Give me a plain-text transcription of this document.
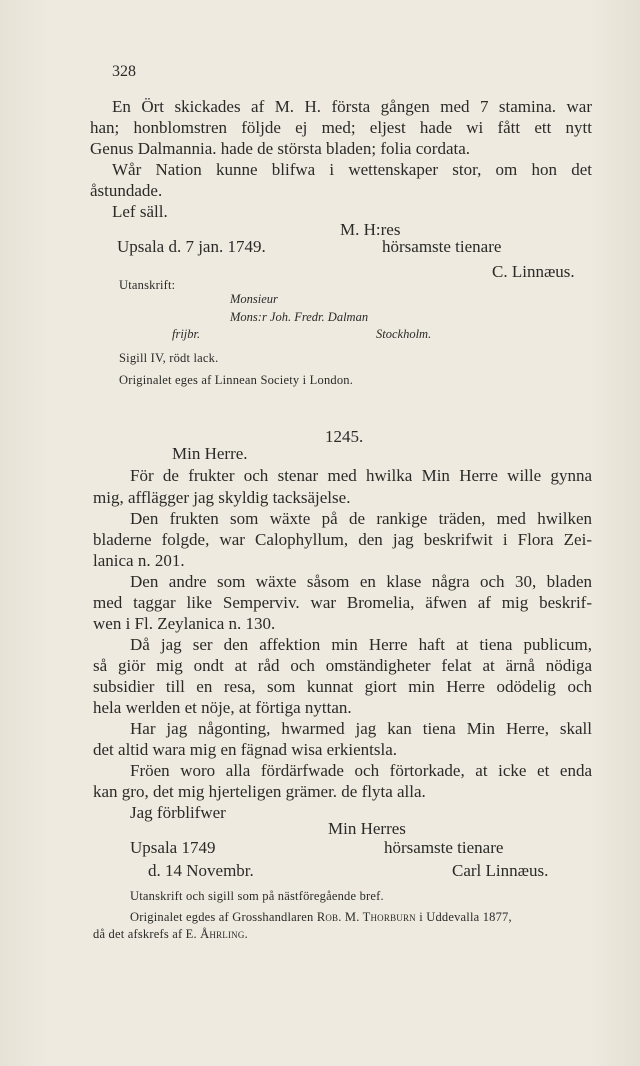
328
En Ört skickades af M. H. första gången med 7 stamina. war
han; honblomstren följde ej med; eljest hade wi fått ett nytt
Genus Dalmannia. hade de största bladen; folia cordata.
Wår Nation kunne blifwa i wettenskaper stor, om hon det
åstundade.
Lef säll.
M. H:res
Upsala d. 7 jan. 1749.	hörsamste tienare
C. Linnæus.
Utanskrift:
Monsieur
Mons:r Joh. Fredr. Dalman
frijbr.	Stockholm.
Sigill IV, rödt lack.
Originalet eges af Linnean Society i London.
1245.
Min Herre.
För de frukter och stenar med hwilka Min Herre wille gynna
mig, afflägger jag skyldig tacksäjelse.
Den frukten som wäxte på de rankige träden, med hwilken
bladerne folgde, war Calophyllum, den jag beskrifwit i Flora Zei-
lanica n. 201.
Den andre som wäxte såsom en klase några och 30, bladen
med taggar like Semperviv. war Bromelia, äfwen af mig beskrif-
wen i Fl. Zeylanica n. 130.
Då jag ser den affektion min Herre haft at tiena publicum,
så giör mig ondt at råd och omständigheter felat at ärnå nödiga
subsidier till en resa, som kunnat giort min Herre odödelig och
hela werlden et nöje, at förtiga nyttan.
Har jag någonting, hwarmed jag kan tiena Min Herre, skall
det altid wara mig en fägnad wisa erkientsla.
Fröen woro alla fördärfwade och förtorkade, at icke et enda
kan gro, det mig hjerteligen grämer. de flyta alla.
Jag förblifwer
Min Herres
Upsala 1749	hörsamste tienare
d. 14 Novembr.	Carl Linnæus.
Utanskrift och sigill som på nästföregående bref.
Originalet egdes af Grosshandlaren Rob. M. Thorburn i Uddevalla 1877,
då det afskrefs af E. Åhrling.
